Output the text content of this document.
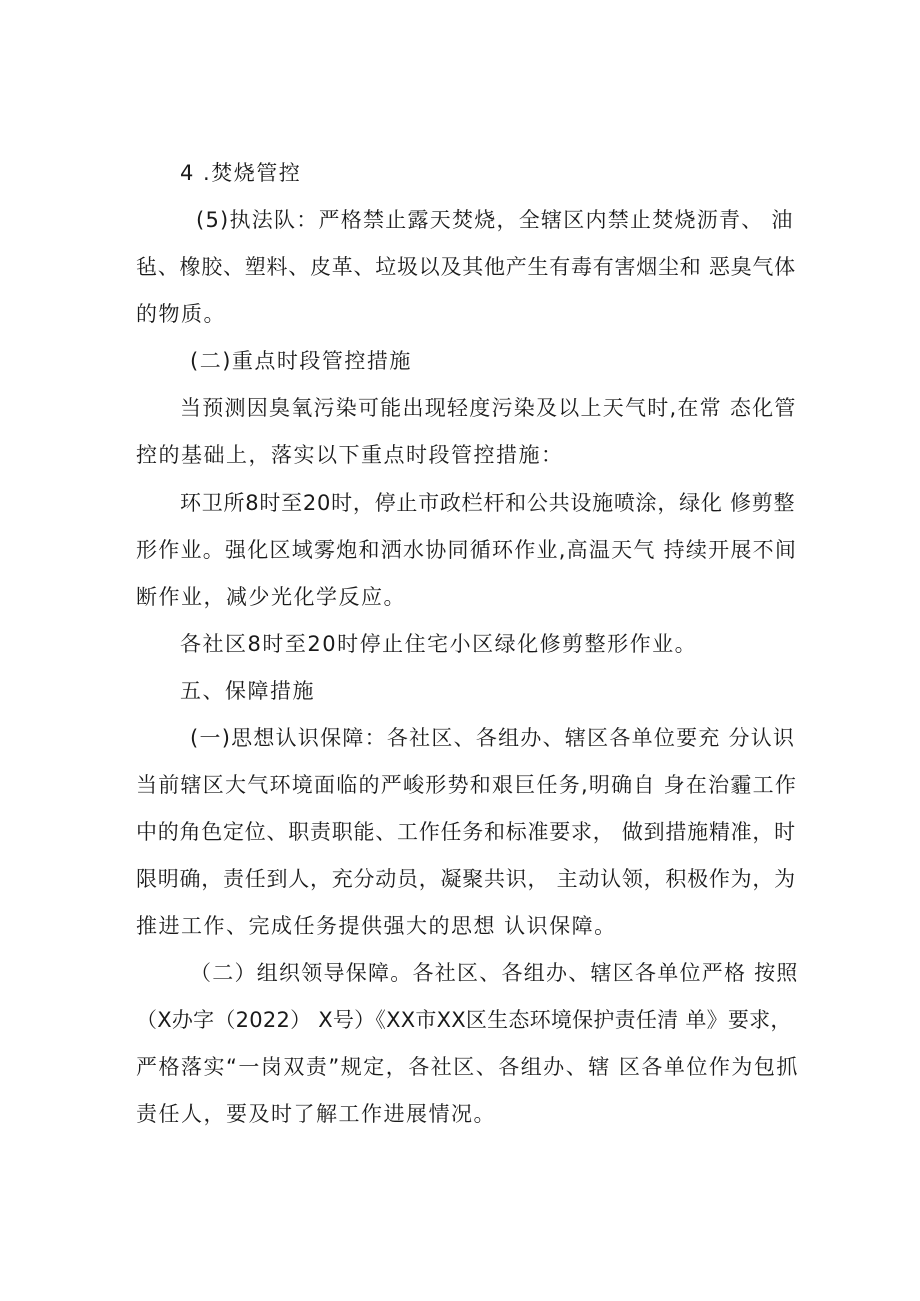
4 .焚烧管控
(5)执法队：严格禁止露天焚烧，全辖区内禁止焚烧沥青、 油
毡、橡胶、塑料、皮革、垃圾以及其他产生有毒有害烟尘和 恶臭气体
的物质。
(二)重点时段管控措施
当预测因臭氧污染可能出现轻度污染及以上天气时,在常 态化管
控的基础上，落实以下重点时段管控措施：
环卫所8时至20时，停止市政栏杆和公共设施喷涂，绿化 修剪整
形作业。强化区域雾炮和洒水协同循环作业,高温天气 持续开展不间
断作业，减少光化学反应。
各社区8时至20时停止住宅小区绿化修剪整形作业。
五、保障措施
(一)思想认识保障：各社区、各组办、辖区各单位要充 分认识
当前辖区大气环境面临的严峻形势和艰巨任务,明确自 身在治霾工作
中的角色定位、职责职能、工作任务和标准要求， 做到措施精准，时
限明确，责任到人，充分动员，凝聚共识， 主动认领，积极作为，为
推进工作、完成任务提供强大的思想 认识保障。
（二）组织领导保障。各社区、各组办、辖区各单位严格 按照
（X办字（2022） X号）《XX市XX区生态环境保护责任清 单》要求，
严格落实“一岗双责”规定，各社区、各组办、辖 区各单位作为包抓
责任人，要及时了解工作进展情况。
